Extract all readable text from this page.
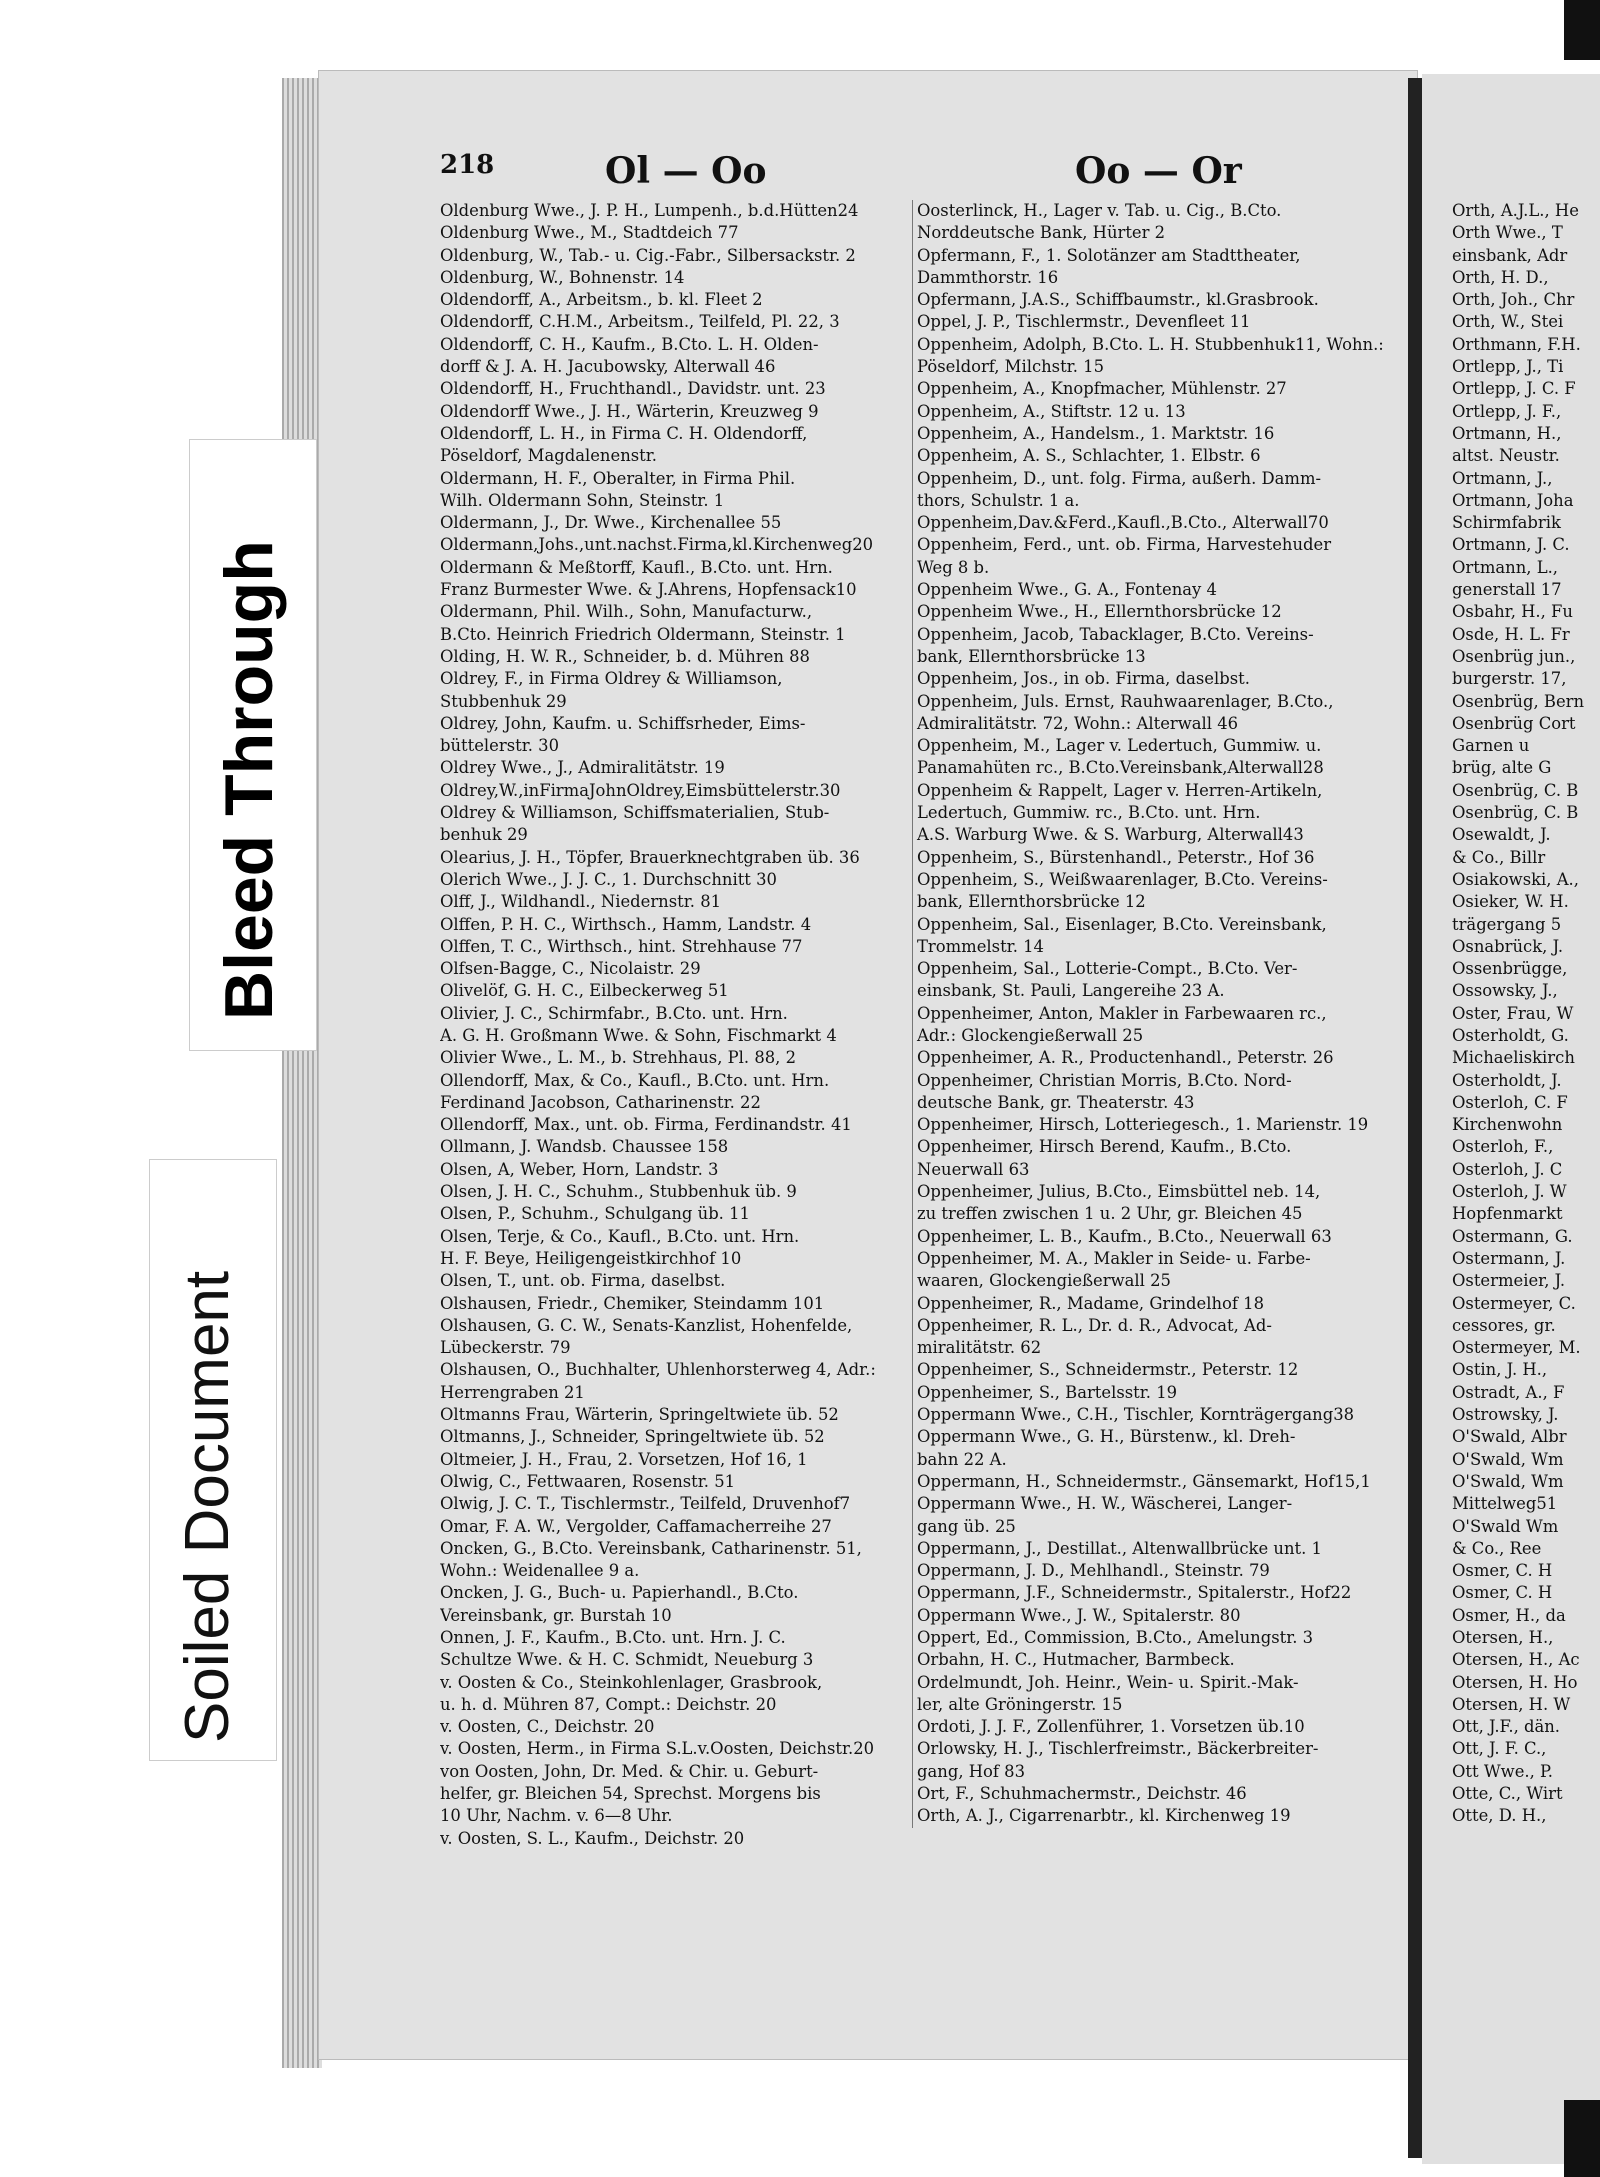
218	Ol — Oo	Oo — Or
Oldenburg Wwe., J. P. H., Lumpenh., b.d.Hütten24
Oldenburg Wwe., M., Stadtdeich 77
Oldenburg, W., Tab.- u. Cig.-Fabr., Silbersackstr. 2
Oldenburg, W., Bohnenstr. 14
Oldendorff, A., Arbeitsm., b. kl. Fleet 2
Oldendorff, C.H.M., Arbeitsm., Teilfeld, Pl. 22, 3
Oldendorff, C. H., Kaufm., B.Cto. L. H. Olden-
dorff & J. A. H. Jacubowsky, Alterwall 46
Oldendorff, H., Fruchthandl., Davidstr. unt. 23
Oldendorff Wwe., J. H., Wärterin, Kreuzweg 9
Oldendorff, L. H., in Firma C. H. Oldendorff,
Pöseldorf, Magdalenenstr.
Oldermann, H. F., Oberalter, in Firma Phil.
Wilh. Oldermann Sohn, Steinstr. 1
Oldermann, J., Dr. Wwe., Kirchenallee 55
Oldermann,Johs.,unt.nachst.Firma,kl.Kirchenweg20
Oldermann & Meßtorff, Kaufl., B.Cto. unt. Hrn.
Franz Burmester Wwe. & J.Ahrens, Hopfensack10
Oldermann, Phil. Wilh., Sohn, Manufacturw.,
B.Cto. Heinrich Friedrich Oldermann, Steinstr. 1
Olding, H. W. R., Schneider, b. d. Mühren 88
Oldrey, F., in Firma Oldrey & Williamson,
Stubbenhuk 29
Oldrey, John, Kaufm. u. Schiffsrheder, Eims-
büttelerstr. 30
Oldrey Wwe., J., Admiralitätstr. 19
Oldrey,W.,inFirmaJohnOldrey,Eimsbüttelerstr.30
Oldrey & Williamson, Schiffsmaterialien, Stub-
benhuk 29
Olearius, J. H., Töpfer, Brauerknechtgraben üb. 36
Olerich Wwe., J. J. C., 1. Durchschnitt 30
Olff, J., Wildhandl., Niedernstr. 81
Olffen, P. H. C., Wirthsch., Hamm, Landstr. 4
Olffen, T. C., Wirthsch., hint. Strehhause 77
Olfsen-Bagge, C., Nicolaistr. 29
Olivelöf, G. H. C., Eilbeckerweg 51
Olivier, J. C., Schirmfabr., B.Cto. unt. Hrn.
A. G. H. Großmann Wwe. & Sohn, Fischmarkt 4
Olivier Wwe., L. M., b. Strehhaus, Pl. 88, 2
Ollendorff, Max, & Co., Kaufl., B.Cto. unt. Hrn.
Ferdinand Jacobson, Catharinenstr. 22
Ollendorff, Max., unt. ob. Firma, Ferdinandstr. 41
Ollmann, J. Wandsb. Chaussee 158
Olsen, A, Weber, Horn, Landstr. 3
Olsen, J. H. C., Schuhm., Stubbenhuk üb. 9
Olsen, P., Schuhm., Schulgang üb. 11
Olsen, Terje, & Co., Kaufl., B.Cto. unt. Hrn.
H. F. Beye, Heiligengeistkirchhof 10
Olsen, T., unt. ob. Firma, daselbst.
Olshausen, Friedr., Chemiker, Steindamm 101
Olshausen, G. C. W., Senats-Kanzlist, Hohenfelde,
Lübeckerstr. 79
Olshausen, O., Buchhalter, Uhlenhorsterweg 4, Adr.:
Herrengraben 21
Oltmanns Frau, Wärterin, Springeltwiete üb. 52
Oltmanns, J., Schneider, Springeltwiete üb. 52
Oltmeier, J. H., Frau, 2. Vorsetzen, Hof 16, 1
Olwig, C., Fettwaaren, Rosenstr. 51
Olwig, J. C. T., Tischlermstr., Teilfeld, Druvenhof7
Omar, F. A. W., Vergolder, Caffamacherreihe 27
Oncken, G., B.Cto. Vereinsbank, Catharinenstr. 51,
Wohn.: Weidenallee 9 a.
Oncken, J. G., Buch- u. Papierhandl., B.Cto.
Vereinsbank, gr. Burstah 10
Onnen, J. F., Kaufm., B.Cto. unt. Hrn. J. C.
Schultze Wwe. & H. C. Schmidt, Neueburg 3
v. Oosten & Co., Steinkohlenlager, Grasbrook,
u. h. d. Mühren 87, Compt.: Deichstr. 20
v. Oosten, C., Deichstr. 20
v. Oosten, Herm., in Firma S.L.v.Oosten, Deichstr.20
von Oosten, John, Dr. Med. & Chir. u. Geburt-
helfer, gr. Bleichen 54, Sprechst. Morgens bis
10 Uhr, Nachm. v. 6—8 Uhr.
v. Oosten, S. L., Kaufm., Deichstr. 20
Oosterlinck, H., Lager v. Tab. u. Cig., B.Cto.
Norddeutsche Bank, Hürter 2
Opfermann, F., 1. Solotänzer am Stadttheater,
Dammthorstr. 16
Opfermann, J.A.S., Schiffbaumstr., kl.Grasbrook.
Oppel, J. P., Tischlermstr., Devenfleet 11
Oppenheim, Adolph, B.Cto. L. H. Stubbenhuk11, Wohn.:
Pöseldorf, Milchstr. 15
Oppenheim, A., Knopfmacher, Mühlenstr. 27
Oppenheim, A., Stiftstr. 12 u. 13
Oppenheim, A., Handelsm., 1. Marktstr. 16
Oppenheim, A. S., Schlachter, 1. Elbstr. 6
Oppenheim, D., unt. folg. Firma, außerh. Damm-
thors, Schulstr. 1 a.
Oppenheim,Dav.&Ferd.,Kaufl.,B.Cto., Alterwall70
Oppenheim, Ferd., unt. ob. Firma, Harvestehuder
Weg 8 b.
Oppenheim Wwe., G. A., Fontenay 4
Oppenheim Wwe., H., Ellernthorsbrücke 12
Oppenheim, Jacob, Tabacklager, B.Cto. Vereins-
bank, Ellernthorsbrücke 13
Oppenheim, Jos., in ob. Firma, daselbst.
Oppenheim, Juls. Ernst, Rauhwaarenlager, B.Cto.,
Admiralitätstr. 72, Wohn.: Alterwall 46
Oppenheim, M., Lager v. Ledertuch, Gummiw. u.
Panamahüten rc., B.Cto.Vereinsbank,Alterwall28
Oppenheim & Rappelt, Lager v. Herren-Artikeln,
Ledertuch, Gummiw. rc., B.Cto. unt. Hrn.
A.S. Warburg Wwe. & S. Warburg, Alterwall43
Oppenheim, S., Bürstenhandl., Peterstr., Hof 36
Oppenheim, S., Weißwaarenlager, B.Cto. Vereins-
bank, Ellernthorsbrücke 12
Oppenheim, Sal., Eisenlager, B.Cto. Vereinsbank,
Trommelstr. 14
Oppenheim, Sal., Lotterie-Compt., B.Cto. Ver-
einsbank, St. Pauli, Langereihe 23 A.
Oppenheimer, Anton, Makler in Farbewaaren rc.,
Adr.: Glockengießerwall 25
Oppenheimer, A. R., Productenhandl., Peterstr. 26
Oppenheimer, Christian Morris, B.Cto. Nord-
deutsche Bank, gr. Theaterstr. 43
Oppenheimer, Hirsch, Lotteriegesch., 1. Marienstr. 19
Oppenheimer, Hirsch Berend, Kaufm., B.Cto.
Neuerwall 63
Oppenheimer, Julius, B.Cto., Eimsbüttel neb. 14,
zu treffen zwischen 1 u. 2 Uhr, gr. Bleichen 45
Oppenheimer, L. B., Kaufm., B.Cto., Neuerwall 63
Oppenheimer, M. A., Makler in Seide- u. Farbe-
waaren, Glockengießerwall 25
Oppenheimer, R., Madame, Grindelhof 18
Oppenheimer, R. L., Dr. d. R., Advocat, Ad-
miralitätstr. 62
Oppenheimer, S., Schneidermstr., Peterstr. 12
Oppenheimer, S., Bartelsstr. 19
Oppermann Wwe., C.H., Tischler, Kornträgergang38
Oppermann Wwe., G. H., Bürstenw., kl. Dreh-
bahn 22 A.
Oppermann, H., Schneidermstr., Gänsemarkt, Hof15,1
Oppermann Wwe., H. W., Wäscherei, Langer-
gang üb. 25
Oppermann, J., Destillat., Altenwallbrücke unt. 1
Oppermann, J. D., Mehlhandl., Steinstr. 79
Oppermann, J.F., Schneidermstr., Spitalerstr., Hof22
Oppermann Wwe., J. W., Spitalerstr. 80
Oppert, Ed., Commission, B.Cto., Amelungstr. 3
Orbahn, H. C., Hutmacher, Barmbeck.
Ordelmundt, Joh. Heinr., Wein- u. Spirit.-Mak-
ler, alte Gröningerstr. 15
Ordoti, J. J. F., Zollenführer, 1. Vorsetzen üb.10
Orlowsky, H. J., Tischlerfreimstr., Bäckerbreiter-
gang, Hof 83
Ort, F., Schuhmachermstr., Deichstr. 46
Orth, A. J., Cigarrenarbtr., kl. Kirchenweg 19
Orth, A.J.L., He
Orth Wwe., T
einsbank, Adr
Orth, H. D.,
Orth, Joh., Chr
Orth, W., Stei
Orthmann, F.H.
Ortlepp, J., Ti
Ortlepp, J. C. F
Ortlepp, J. F.,
Ortmann, H.,
altst. Neustr.
Ortmann, J.,
Ortmann, Joha
Schirmfabrik
Ortmann, J. C.
Ortmann, L.,
generstall 17
Osbahr, H., Fu
Osde, H. L. Fr
Osenbrüg jun.,
burgerstr. 17,
Osenbrüg, Bern
Osenbrüg Cort
Garnen u
brüg, alte G
Osenbrüg, C. B
Osenbrüg, C. B
Osewaldt, J.
& Co., Billr
Osiakowski, A.,
Osieker, W. H.
trägergang 5
Osnabrück, J.
Ossenbrügge,
Ossowsky, J.,
Oster, Frau, W
Osterholdt, G.
Michaeliskirch
Osterholdt, J.
Osterloh, C. F
Kirchenwohn
Osterloh, F.,
Osterloh, J. C
Osterloh, J. W
Hopfenmarkt
Ostermann, G.
Ostermann, J.
Ostermeier, J.
Ostermeyer, C.
cessores, gr.
Ostermeyer, M.
Ostin, J. H.,
Ostradt, A., F
Ostrowsky, J.
O'Swald, Albr
O'Swald, Wm
O'Swald, Wm
Mittelweg51
O'Swald Wm
& Co., Ree
Osmer, C. H
Osmer, C. H
Osmer, H., da
Otersen, H.,
Otersen, H., Ac
Otersen, H. Ho
Otersen, H. W
Ott, J.F., dän.
Ott, J. F. C.,
Ott Wwe., P.
Otte, C., Wirt
Otte, D. H.,
Bleed Through
Soiled Document
